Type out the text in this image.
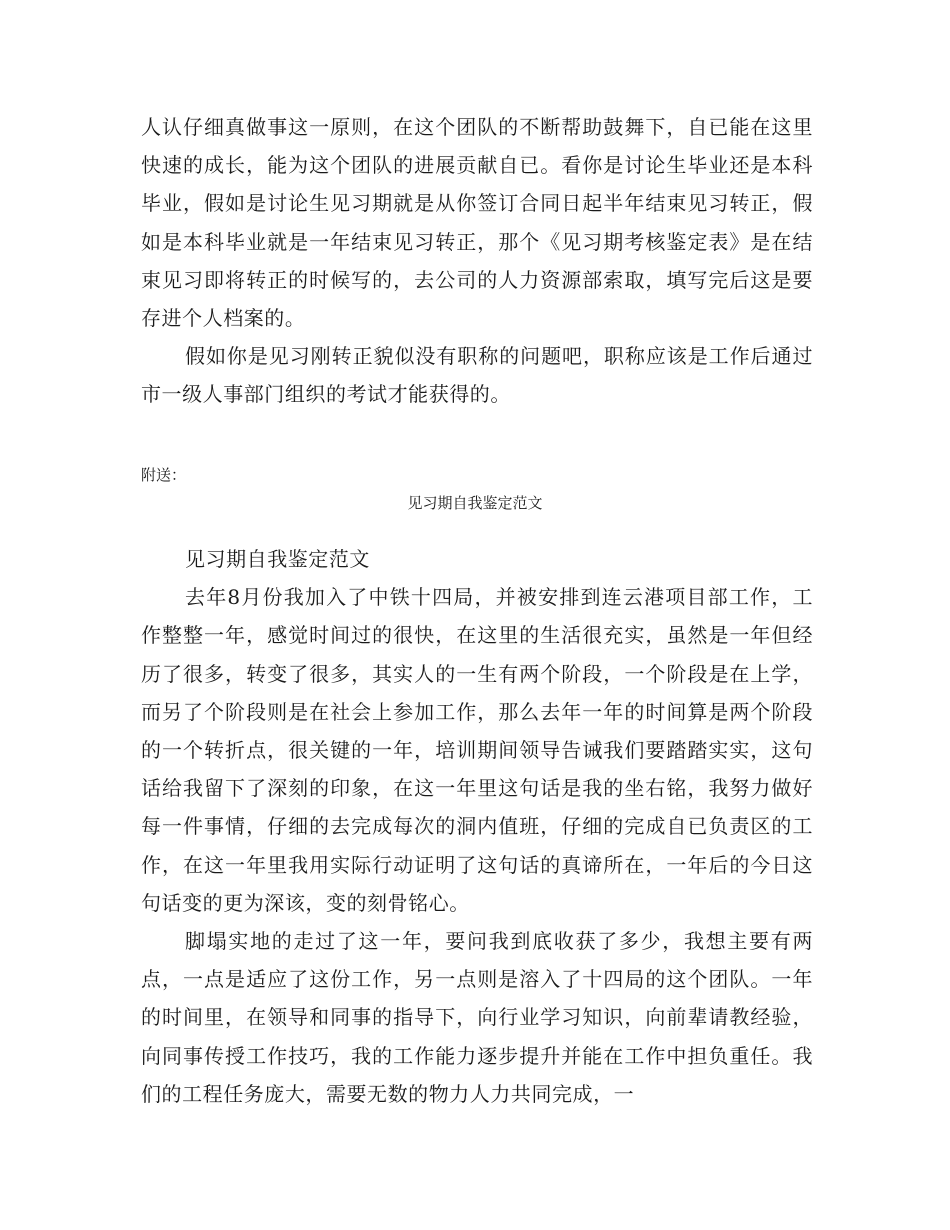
人认仔细真做事这一原则，在这个团队的不断帮助鼓舞下，自已能在这里快速的成长，能为这个团队的进展贡献自已。看你是讨论生毕业还是本科毕业，假如是讨论生见习期就是从你签订合同日起半年结束见习转正，假如是本科毕业就是一年结束见习转正，那个《见习期考核鉴定表》是在结束见习即将转正的时候写的，去公司的人力资源部索取，填写完后这是要存进个人档案的。

假如你是见习刚转正貌似没有职称的问题吧，职称应该是工作后通过市一级人事部门组织的考试才能获得的。

附送：

见习期自我鉴定范文

见习期自我鉴定范文

去年8月份我加入了中铁十四局，并被安排到连云港项目部工作，工作整整一年，感觉时间过的很快，在这里的生活很充实，虽然是一年但经历了很多，转变了很多，其实人的一生有两个阶段，一个阶段是在上学，而另了个阶段则是在社会上参加工作，那么去年一年的时间算是两个阶段的一个转折点，很关键的一年，培训期间领导告诫我们要踏踏实实，这句话给我留下了深刻的印象，在这一年里这句话是我的坐右铭，我努力做好每一件事情，仔细的去完成每次的洞内值班，仔细的完成自已负责区的工作，在这一年里我用实际行动证明了这句话的真谛所在，一年后的今日这句话变的更为深该，变的刻骨铭心。

脚塌实地的走过了这一年，要问我到底收获了多少，我想主要有两点，一点是适应了这份工作，另一点则是溶入了十四局的这个团队。一年的时间里，在领导和同事的指导下，向行业学习知识，向前辈请教经验，向同事传授工作技巧，我的工作能力逐步提升并能在工作中担负重任。我们的工程任务庞大，需要无数的物力人力共同完成，一
